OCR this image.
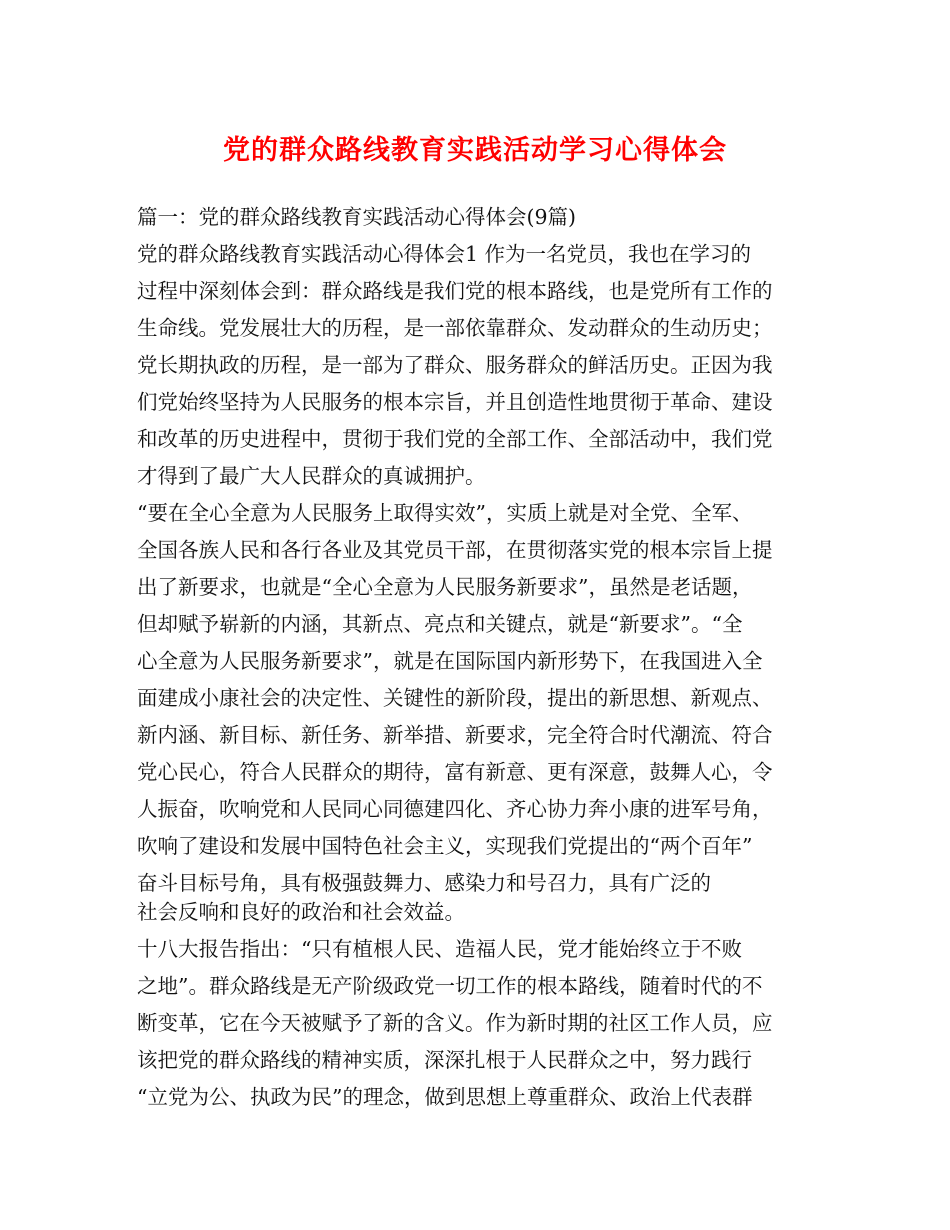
党的群众路线教育实践活动学习心得体会
篇一：党的群众路线教育实践活动心得体会(9篇)
党的群众路线教育实践活动心得体会1 作为一名党员，我也在学习的
过程中深刻体会到：群众路线是我们党的根本路线，也是党所有工作的
生命线。党发展壮大的历程，是一部依靠群众、发动群众的生动历史；
党长期执政的历程，是一部为了群众、服务群众的鲜活历史。正因为我
们党始终坚持为人民服务的根本宗旨，并且创造性地贯彻于革命、建设
和改革的历史进程中，贯彻于我们党的全部工作、全部活动中，我们党
才得到了最广大人民群众的真诚拥护。
“要在全心全意为人民服务上取得实效”，实质上就是对全党、全军、
全国各族人民和各行各业及其党员干部，在贯彻落实党的根本宗旨上提
出了新要求，也就是“全心全意为人民服务新要求”，虽然是老话题，
但却赋予崭新的内涵，其新点、亮点和关键点，就是“新要求”。“全
心全意为人民服务新要求”，就是在国际国内新形势下，在我国进入全
面建成小康社会的决定性、关键性的新阶段，提出的新思想、新观点、
新内涵、新目标、新任务、新举措、新要求，完全符合时代潮流、符合
党心民心，符合人民群众的期待，富有新意、更有深意，鼓舞人心，令
人振奋，吹响党和人民同心同德建四化、齐心协力奔小康的进军号角，
吹响了建设和发展中国特色社会主义，实现我们党提出的“两个百年”
奋斗目标号角，具有极强鼓舞力、感染力和号召力，具有广泛的
社会反响和良好的政治和社会效益。
十八大报告指出：“只有植根人民、造福人民，党才能始终立于不败
之地”。群众路线是无产阶级政党一切工作的根本路线，随着时代的不
断变革，它在今天被赋予了新的含义。作为新时期的社区工作人员，应
该把党的群众路线的精神实质，深深扎根于人民群众之中，努力践行
“立党为公、执政为民”的理念，做到思想上尊重群众、政治上代表群
